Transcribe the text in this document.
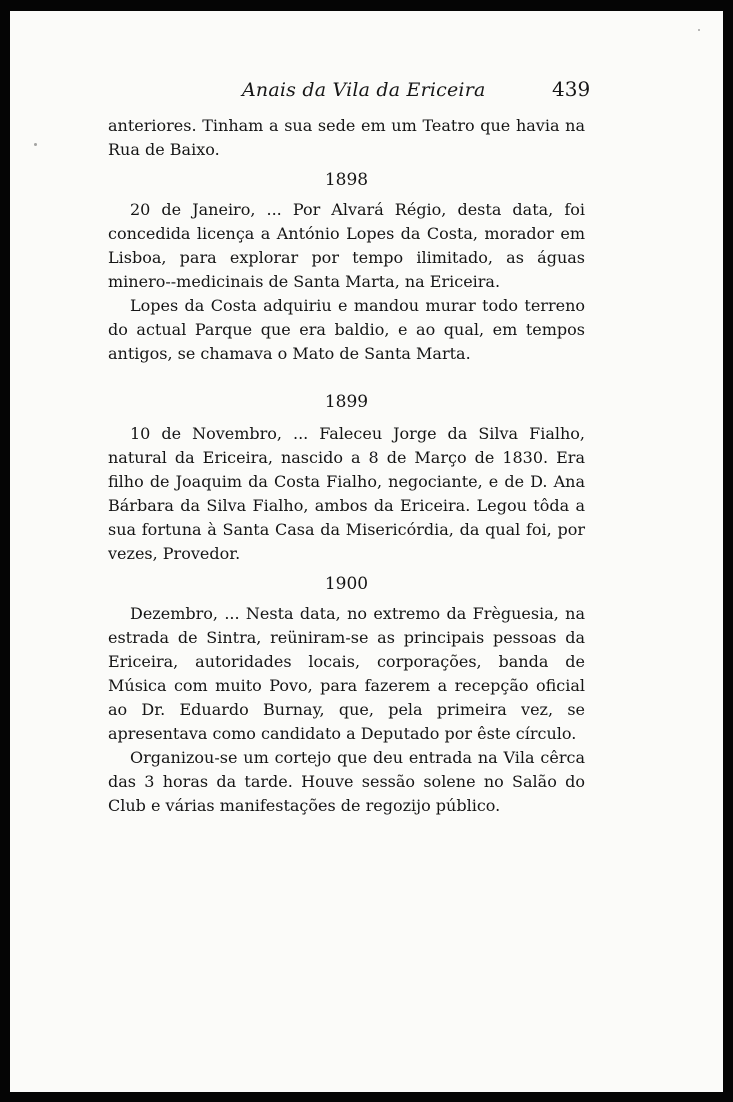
Anais da Vila da Ericeira	439

anteriores. Tinham a sua sede em um Teatro que havia na Rua de Baixo.

1898

20 de Janeiro, ... Por Alvará Régio, desta data, foi concedida licença a António Lopes da Costa, morador em Lisboa, para explorar por tempo ilimitado, as águas minero--medicinais de Santa Marta, na Ericeira.

Lopes da Costa adquiriu e mandou murar todo terreno do actual Parque que era baldio, e ao qual, em tempos antigos, se chamava o Mato de Santa Marta.

1899

10 de Novembro, ... Faleceu Jorge da Silva Fialho, natural da Ericeira, nascido a 8 de Março de 1830. Era filho de Joaquim da Costa Fialho, negociante, e de D. Ana Bárbara da Silva Fialho, ambos da Ericeira. Legou tôda a sua fortuna à Santa Casa da Misericórdia, da qual foi, por vezes, Provedor.

1900

Dezembro, ... Nesta data, no extremo da Frèguesia, na estrada de Sintra, reüniram-se as principais pessoas da Ericeira, autoridades locais, corporações, banda de Música com muito Povo, para fazerem a recepção oficial ao Dr. Eduardo Burnay, que, pela primeira vez, se apresentava como candidato a Deputado por êste círculo.

Organizou-se um cortejo que deu entrada na Vila cêrca das 3 horas da tarde. Houve sessão solene no Salão do Club e várias manifestações de regozijo público.
